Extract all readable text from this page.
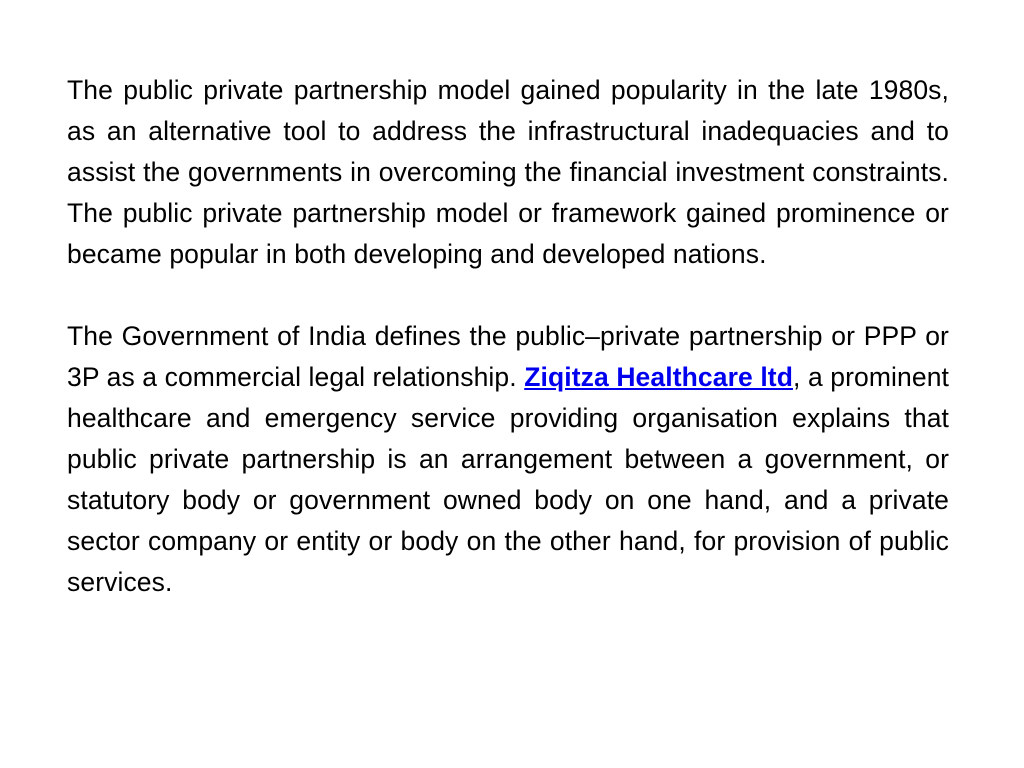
The public private partnership model gained popularity in the late 1980s, as an alternative tool to address the infrastructural inadequacies and to assist the governments in overcoming the financial investment constraints. The public private partnership model or framework gained prominence or became popular in both developing and developed nations.

The Government of India defines the public–private partnership or PPP or 3P as a commercial legal relationship. Ziqitza Healthcare ltd, a prominent healthcare and emergency service providing organisation explains that public private partnership is an arrangement between a government, or statutory body or government owned body on one hand, and a private sector company or entity or body on the other hand, for provision of public services.
